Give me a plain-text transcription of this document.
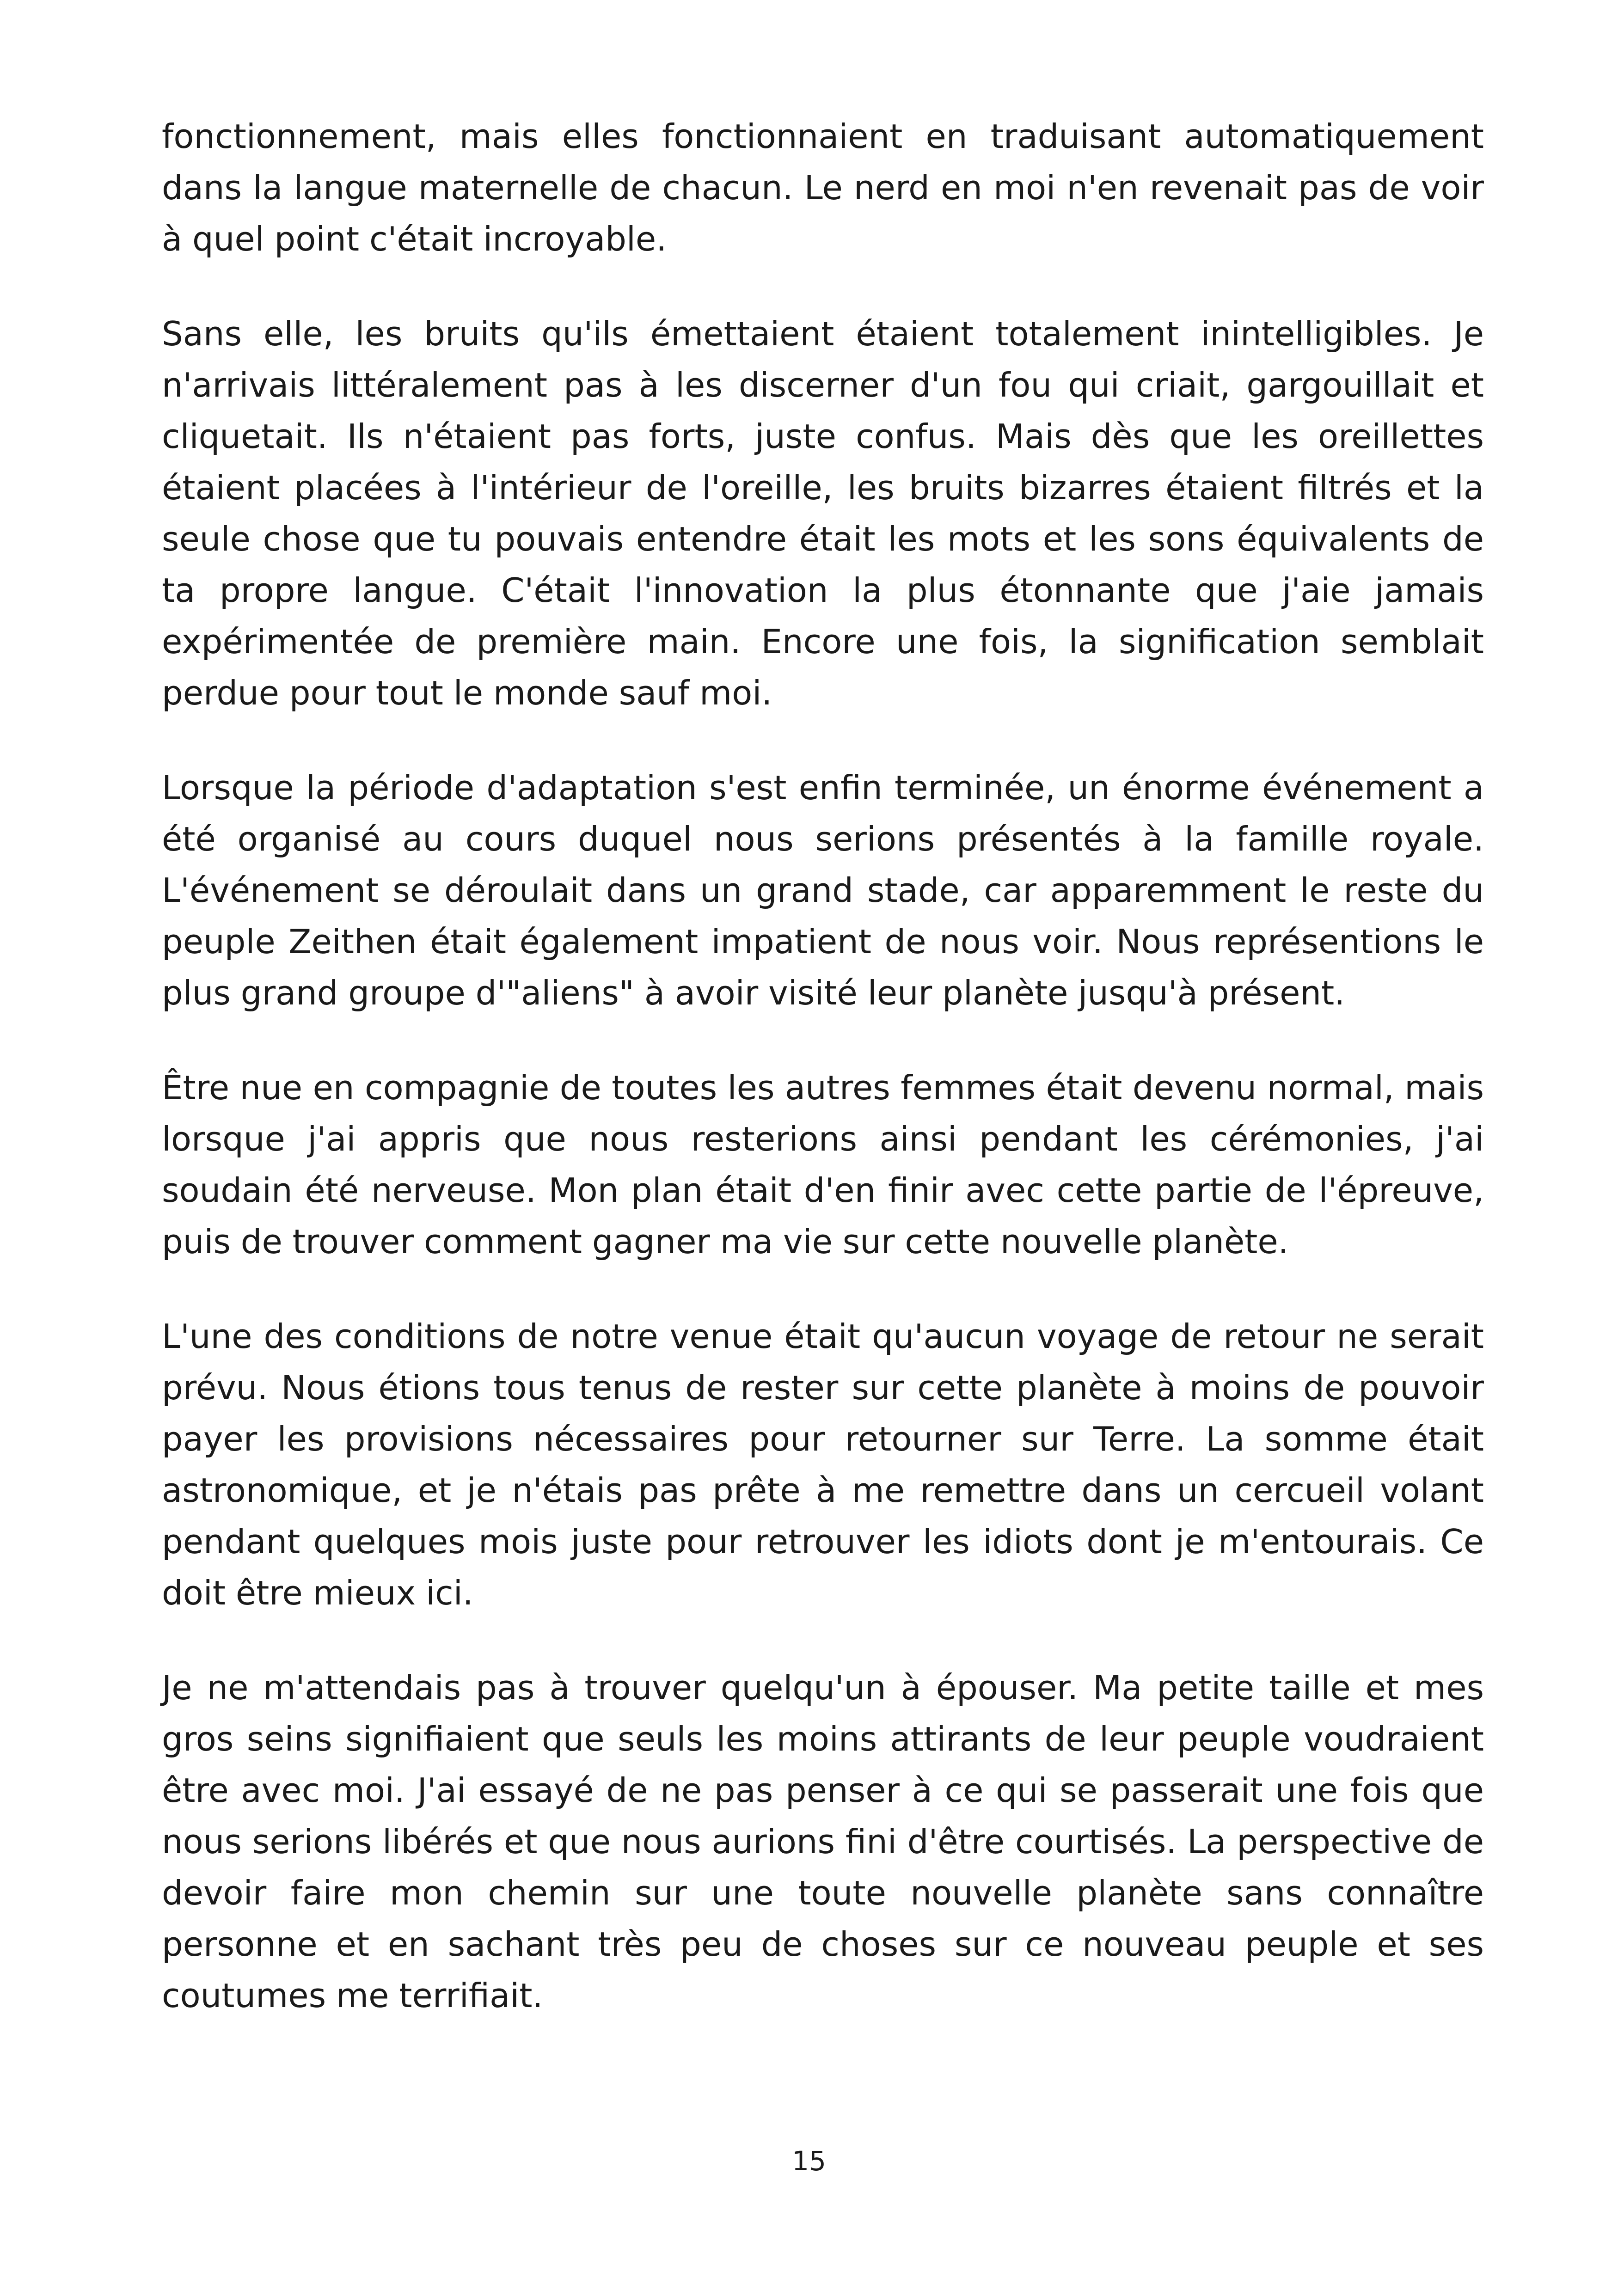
fonctionnement, mais elles fonctionnaient en traduisant automatiquement dans la langue maternelle de chacun. Le nerd en moi n'en revenait pas de voir à quel point c'était incroyable.

Sans elle, les bruits qu'ils émettaient étaient totalement inintelligibles. Je n'arrivais littéralement pas à les discerner d'un fou qui criait, gargouillait et cliquetait. Ils n'étaient pas forts, juste confus. Mais dès que les oreillettes étaient placées à l'intérieur de l'oreille, les bruits bizarres étaient filtrés et la seule chose que tu pouvais entendre était les mots et les sons équivalents de ta propre langue. C'était l'innovation la plus étonnante que j'aie jamais expérimentée de première main. Encore une fois, la signification semblait perdue pour tout le monde sauf moi.

Lorsque la période d'adaptation s'est enfin terminée, un énorme événement a été organisé au cours duquel nous serions présentés à la famille royale. L'événement se déroulait dans un grand stade, car apparemment le reste du peuple Zeithen était également impatient de nous voir. Nous représentions le plus grand groupe d'"aliens" à avoir visité leur planète jusqu'à présent.

Être nue en compagnie de toutes les autres femmes était devenu normal, mais lorsque j'ai appris que nous resterions ainsi pendant les cérémonies, j'ai soudain été nerveuse. Mon plan était d'en finir avec cette partie de l'épreuve, puis de trouver comment gagner ma vie sur cette nouvelle planète.

L'une des conditions de notre venue était qu'aucun voyage de retour ne serait prévu. Nous étions tous tenus de rester sur cette planète à moins de pouvoir payer les provisions nécessaires pour retourner sur Terre. La somme était astronomique, et je n'étais pas prête à me remettre dans un cercueil volant pendant quelques mois juste pour retrouver les idiots dont je m'entourais. Ce doit être mieux ici.

Je ne m'attendais pas à trouver quelqu'un à épouser. Ma petite taille et mes gros seins signifiaient que seuls les moins attirants de leur peuple voudraient être avec moi. J'ai essayé de ne pas penser à ce qui se passerait une fois que nous serions libérés et que nous aurions fini d'être courtisés. La perspective de devoir faire mon chemin sur une toute nouvelle planète sans connaître personne et en sachant très peu de choses sur ce nouveau peuple et ses coutumes me terrifiait.

15
